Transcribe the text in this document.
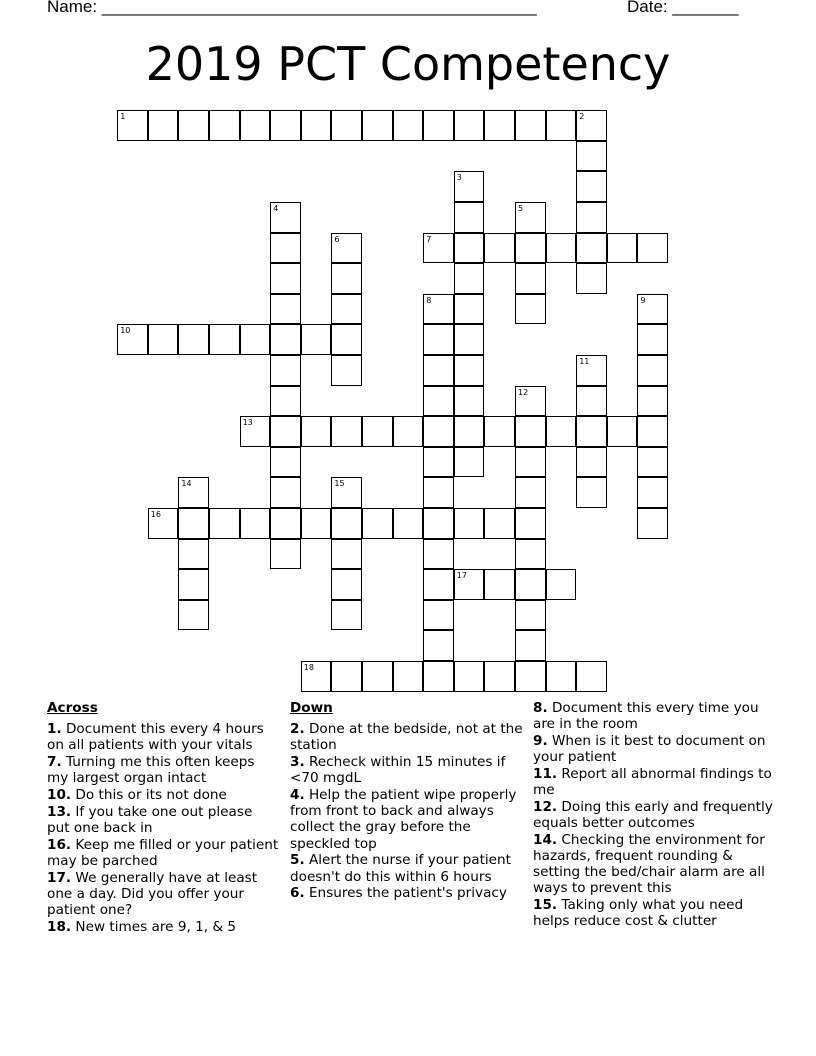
Name: ______________________________________________	Date: _______
2019 PCT Competency
1	2
3
4	5
6	7
8	9
10
11
12
13
14	15
16
17
18
Across
1. Document this every 4 hours on all patients with your vitals
7. Turning me this often keeps my largest organ intact
10. Do this or its not done
13. If you take one out please put one back in
16. Keep me filled or your patient may be parched
17. We generally have at least one a day. Did you offer your patient one?
18. New times are 9, 1, & 5
Down
2. Done at the bedside, not at the station
3. Recheck within 15 minutes if <70 mgdL
4. Help the patient wipe properly from front to back and always collect the gray before the speckled top
5. Alert the nurse if your patient doesn't do this within 6 hours
6. Ensures the patient's privacy
8. Document this every time you are in the room
9. When is it best to document on your patient
11. Report all abnormal findings to me
12. Doing this early and frequently equals better outcomes
14. Checking the environment for hazards, frequent rounding & setting the bed/chair alarm are all ways to prevent this
15. Taking only what you need helps reduce cost & clutter
